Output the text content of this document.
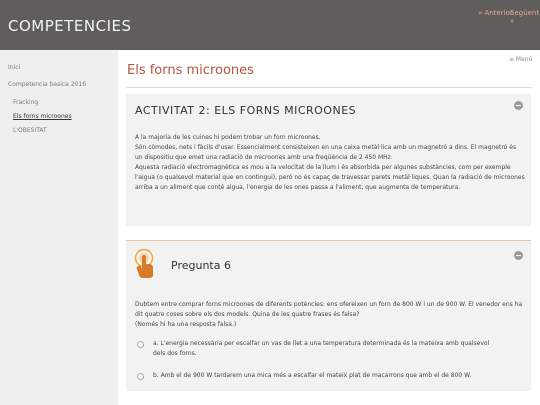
COMPETENCIES
« Anterior
Següent »
Inici
Competencia basica 2016
Fracking
Els forns microones
L'OBESITAT
≡ Menú
Els forns microones
ACTIVITAT 2: ELS FORNS MICROONES

A la majoria de les cuines hi podem trobar un forn microones.

Són còmodes, nets i fàcils d'usar. Essencialment consisteixen en una caixa metàl·lica amb un magnetró a dins. El magnetró és un dispositiu que emet una radiació de microones amb una freqüència de 2 450 MHz.

Aquesta radiació electromagnètica es mou a la velocitat de la llum i és absorbida per algunes substàncies, com per exemple l'aigua (o qualsevol material que en contingui), però no és capaç de travessar parets metàl·liques. Quan la radiació de microones arriba a un aliment que conté aigua, l'energia de les ones passa a l'aliment, que augmenta de temperatura.

Pregunta 6

Dubtem entre comprar forns microones de diferents potències: ens ofereixen un forn de 800 W i un de 900 W. El venedor ens ha dit quatre coses sobre els dos models. Quina de les quatre frases és falsa?

(Només hi ha una resposta falsa.)

a. L'energia necessària per escalfar un vas de llet a una temperatura determinada és la mateixa amb qualsevol dels dos forns.
b. Amb el de 900 W tardarem una mica més a escalfar el mateix plat de macarrons que amb el de 800 W.
